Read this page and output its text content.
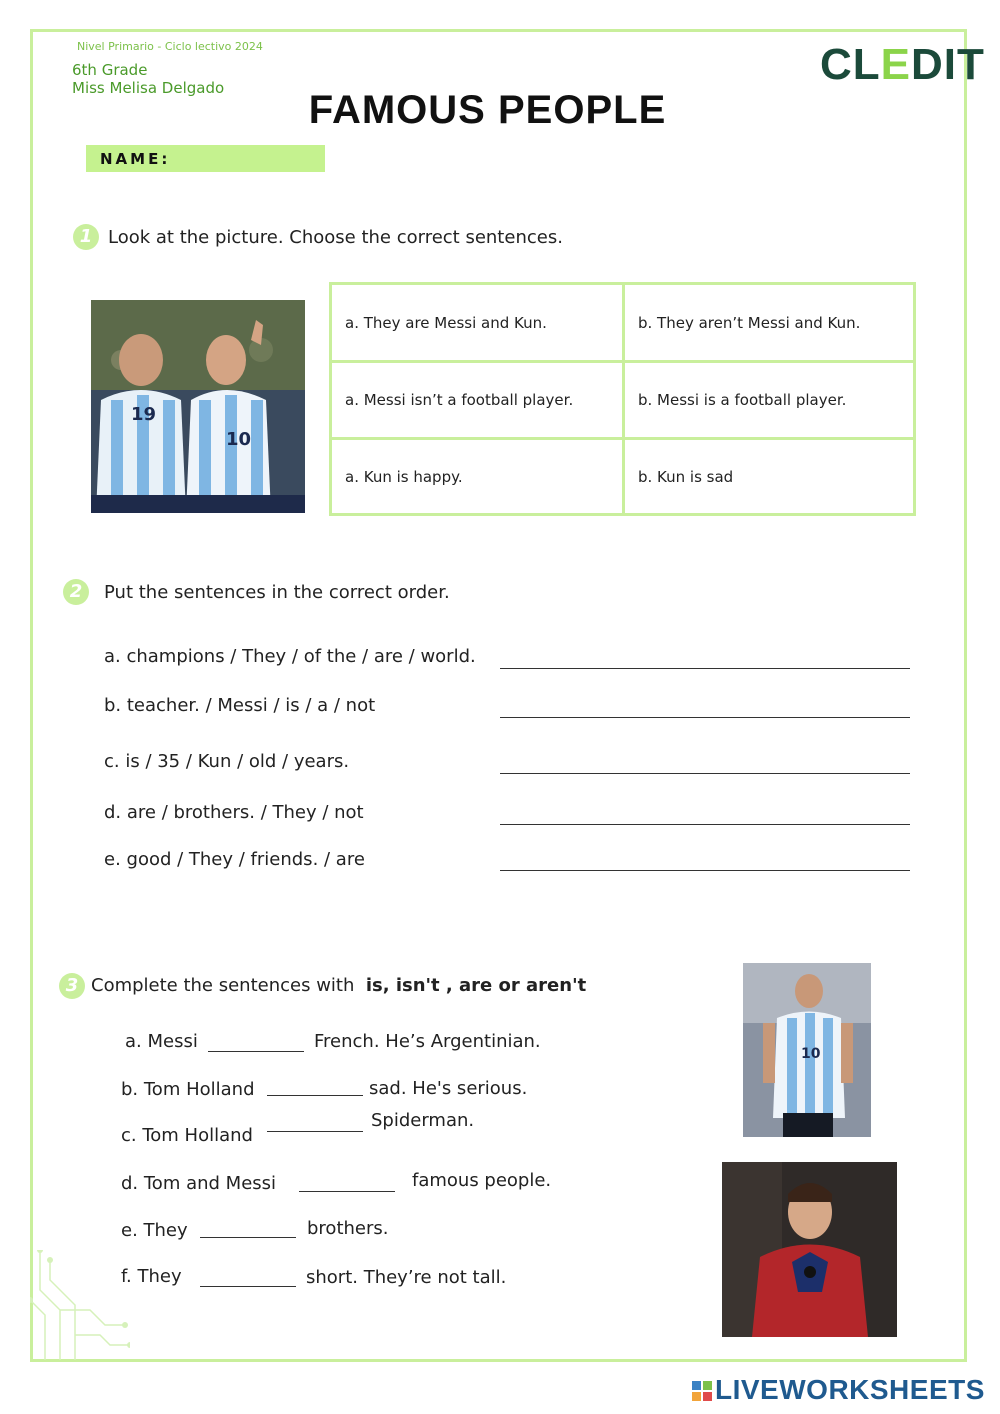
Nivel Primario - Ciclo lectivo 2024
6th Grade
Miss Melisa Delgado	CLEDIT
FAMOUS PEOPLE
NAME:
1 Look at the picture. Choose the correct sentences.
19
10
a. They are Messi and Kun.	b. They aren’t Messi and Kun.
a. Messi isn’t a football player.	b. Messi is a football player.
a. Kun is happy.	b. Kun is sad
2	Put the sentences in the correct order.
a. champions / They / of the / are / world.
b. teacher. / Messi / is / a / not
c. is / 35 / Kun / old / years.
d. are / brothers. / They / not
e. good / They / friends. / are
3 Complete the sentences with is, isn't , are or aren't
a. Messi	French. He’s Argentinian.
b. Tom Holland	sad. He's serious.
c. Tom Holland
Spiderman.
d. Tom and Messi	famous people.
e. They	brothers.
f. They	short. They’re not tall.
10
LIVEWORKSHEETS
